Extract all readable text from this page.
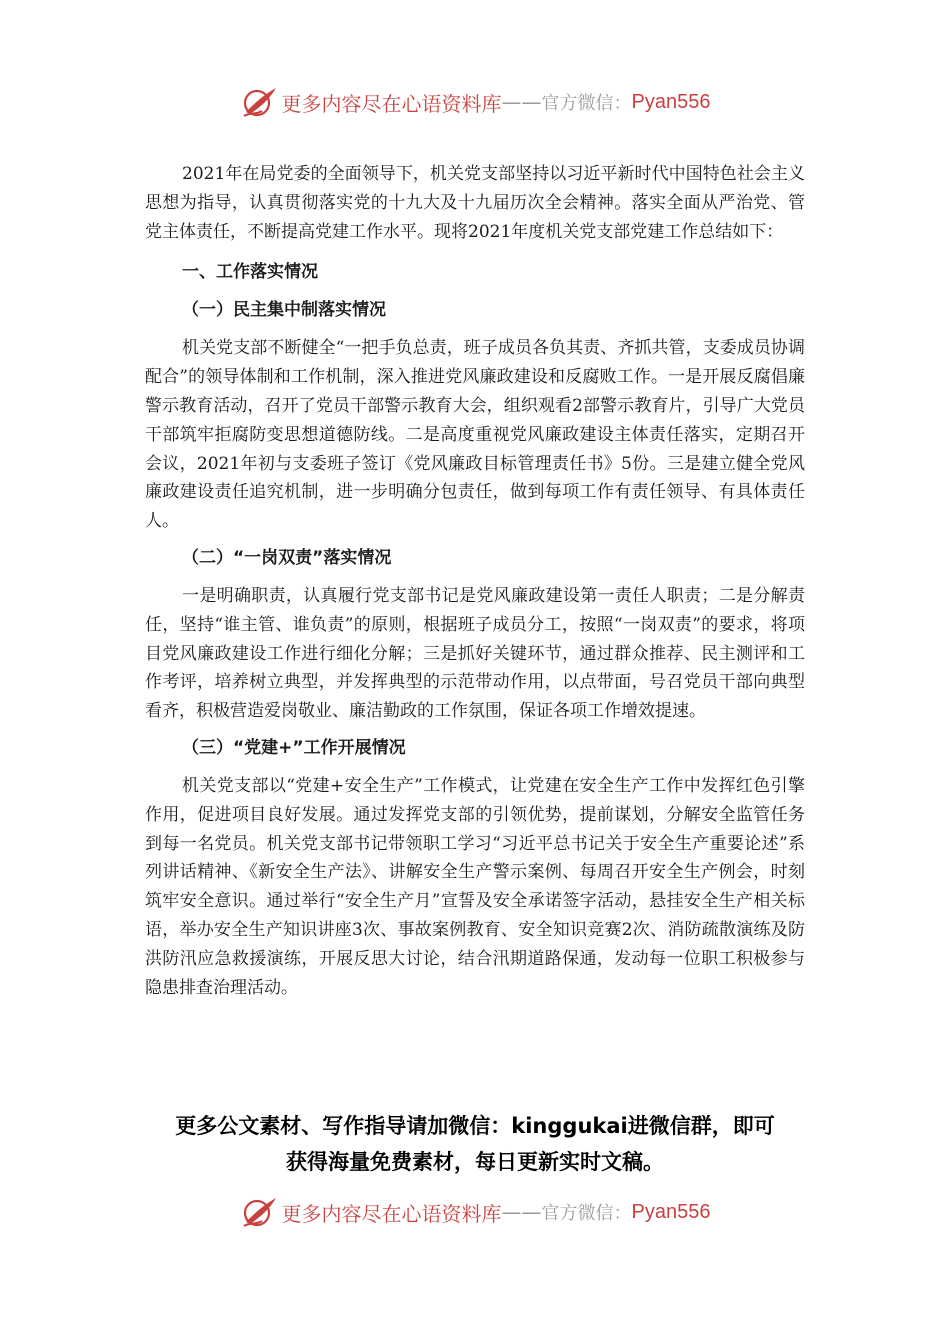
更多内容尽在心语资料库 —— 官方微信： Pyan556

2021年在局党委的全面领导下，机关党支部坚持以习近平新时代中国特色社会主义思想为指导，认真贯彻落实党的十九大及十九届历次全会精神。落实全面从严治党、管党主体责任，不断提高党建工作水平。现将2021年度机关党支部党建工作总结如下：

一、工作落实情况
（一）民主集中制落实情况

机关党支部不断健全“一把手负总责，班子成员各负其责、齐抓共管，支委成员协调配合”的领导体制和工作机制，深入推进党风廉政建设和反腐败工作。一是开展反腐倡廉警示教育活动，召开了党员干部警示教育大会，组织观看2部警示教育片，引导广大党员干部筑牢拒腐防变思想道德防线。二是高度重视党风廉政建设主体责任落实，定期召开会议，2021年初与支委班子签订《党风廉政目标管理责任书》5份。三是建立健全党风廉政建设责任追究机制，进一步明确分包责任，做到每项工作有责任领导、有具体责任人。

（二）“一岗双责”落实情况

一是明确职责，认真履行党支部书记是党风廉政建设第一责任人职责；二是分解责任，坚持“谁主管、谁负责”的原则，根据班子成员分工，按照“一岗双责”的要求，将项目党风廉政建设工作进行细化分解；三是抓好关键环节，通过群众推荐、民主测评和工作考评，培养树立典型，并发挥典型的示范带动作用，以点带面，号召党员干部向典型看齐，积极营造爱岗敬业、廉洁勤政的工作氛围，保证各项工作增效提速。

（三）“党建+”工作开展情况

机关党支部以“党建+安全生产”工作模式，让党建在安全生产工作中发挥红色引擎作用，促进项目良好发展。通过发挥党支部的引领优势，提前谋划，分解安全监管任务到每一名党员。机关党支部书记带领职工学习“习近平总书记关于安全生产重要论述”系列讲话精神、《新安全生产法》、讲解安全生产警示案例、每周召开安全生产例会，时刻筑牢安全意识。通过举行“安全生产月”宣誓及安全承诺签字活动，悬挂安全生产相关标语，举办安全生产知识讲座3次、事故案例教育、安全知识竞赛2次、消防疏散演练及防洪防汛应急救援演练，开展反思大讨论，结合汛期道路保通，发动每一位职工积极参与隐患排查治理活动。

更多公文素材、写作指导请加微信：kinggukai进微信群，即可
获得海量免费素材，每日更新实时文稿。
更多内容尽在心语资料库 —— 官方微信： Pyan556
